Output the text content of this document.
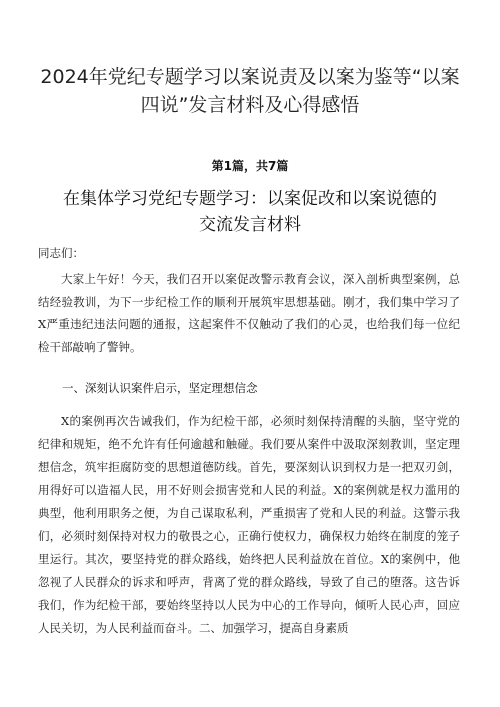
2024年党纪专题学习以案说责及以案为鉴等“以案四说”发言材料及心得感悟
第1篇，共7篇
在集体学习党纪专题学习：以案促改和以案说德的交流发言材料

同志们：

大家上午好！今天，我们召开以案促改警示教育会议，深入剖析典型案例，总结经验教训，为下一步纪检工作的顺利开展筑牢思想基础。刚才，我们集中学习了X严重违纪违法问题的通报，这起案件不仅触动了我们的心灵，也给我们每一位纪检干部敲响了警钟。

一、深刻认识案件启示，坚定理想信念

X的案例再次告诫我们，作为纪检干部，必须时刻保持清醒的头脑，坚守党的纪律和规矩，绝不允许有任何逾越和触碰。我们要从案件中汲取深刻教训，坚定理想信念，筑牢拒腐防变的思想道德防线。首先，要深刻认识到权力是一把双刃剑，用得好可以造福人民，用不好则会损害党和人民的利益。X的案例就是权力滥用的典型，他利用职务之便，为自己谋取私利，严重损害了党和人民的利益。这警示我们，必须时刻保持对权力的敬畏之心，正确行使权力，确保权力始终在制度的笼子里运行。其次，要坚持党的群众路线，始终把人民利益放在首位。X的案例中，他忽视了人民群众的诉求和呼声，背离了党的群众路线，导致了自己的堕落。这告诉我们，作为纪检干部，要始终坚持以人民为中心的工作导向，倾听人民心声，回应人民关切，为人民利益而奋斗。二、加强学习，提高自身素质
